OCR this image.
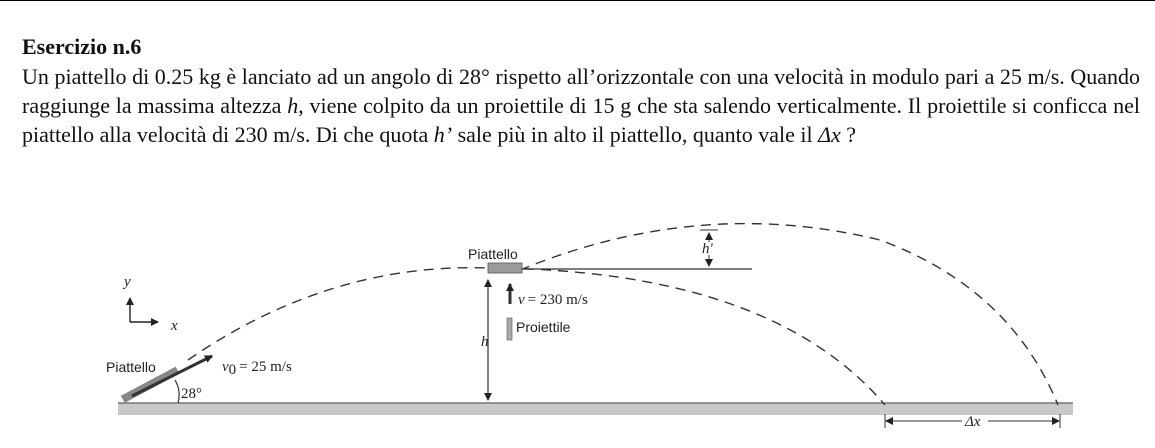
Esercizio n.6

Un piattello di 0.25 kg è lanciato ad un angolo di 28° rispetto all’orizzontale con una velocità in modulo pari a 25 m/s. Quando raggiunge la massima altezza h, viene colpito da un proiettile di 15 g che sta salendo verticalmente. Il proiettile si conficca nel piattello alla velocità di 230 m/s. Di che quota h’ sale più in alto il piattello, quanto vale il Δx ?

y
x
Piattello
28°
v0 = 25 m/s
Piattello	h'
v = 230 m/s
Proiettile
h
Δx
